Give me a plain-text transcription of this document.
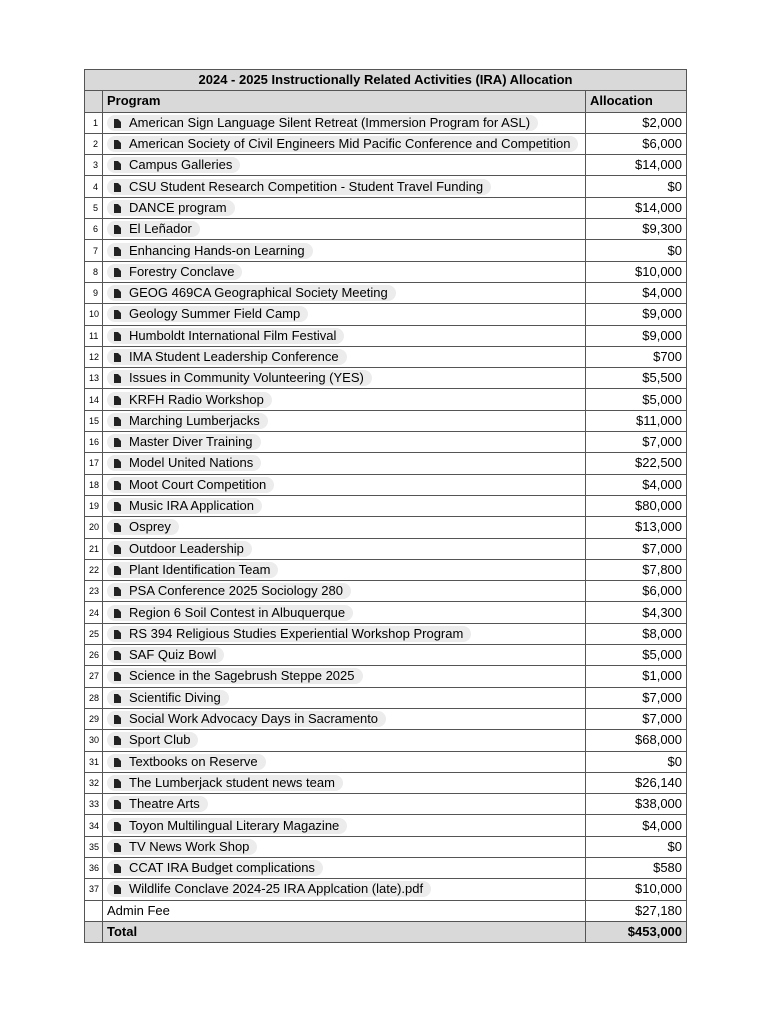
2024 - 2025 Instructionally Related Activities (IRA) Allocation		
	Program	Allocation
1	American Sign Language Silent Retreat (Immersion Program for ASL)	$2,000
2	American Society of Civil Engineers Mid Pacific Conference and Competition	$6,000
3	Campus Galleries	$14,000
4	CSU Student Research Competition - Student Travel Funding	$0
5	DANCE program	$14,000
6	El Leñador	$9,300
7	Enhancing Hands-on Learning	$0
8	Forestry Conclave	$10,000
9	GEOG 469CA Geographical Society Meeting	$4,000
10	Geology Summer Field Camp	$9,000
11	Humboldt International Film Festival	$9,000
12	IMA Student Leadership Conference	$700
13	Issues in Community Volunteering (YES)	$5,500
14	KRFH Radio Workshop	$5,000
15	Marching Lumberjacks	$11,000
16	Master Diver Training	$7,000
17	Model United Nations	$22,500
18	Moot Court Competition	$4,000
19	Music IRA Application	$80,000
20	Osprey	$13,000
21	Outdoor Leadership	$7,000
22	Plant Identification Team	$7,800
23	PSA Conference 2025 Sociology 280	$6,000
24	Region 6 Soil Contest in Albuquerque	$4,300
25	RS 394 Religious Studies Experiential Workshop Program	$8,000
26	SAF Quiz Bowl	$5,000
27	Science in the Sagebrush Steppe 2025	$1,000
28	Scientific Diving	$7,000
29	Social Work Advocacy Days in Sacramento	$7,000
30	Sport Club	$68,000
31	Textbooks on Reserve	$0
32	The Lumberjack student news team	$26,140
33	Theatre Arts	$38,000
34	Toyon Multilingual Literary Magazine	$4,000
35	TV News Work Shop	$0
36	CCAT IRA Budget complications	$580
37	Wildlife Conclave 2024-25 IRA Applcation (late).pdf	$10,000
	Admin Fee	$27,180
	Total	$453,000
